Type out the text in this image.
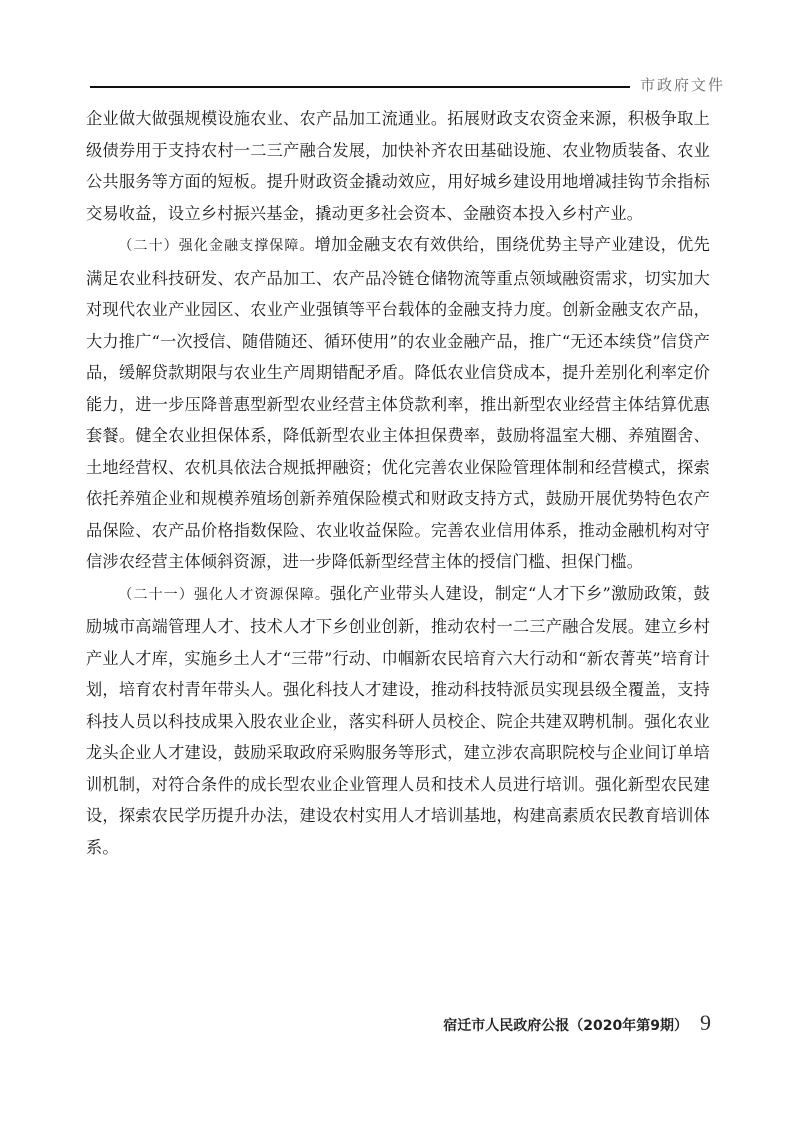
市政府文件

企业做大做强规模设施农业、农产品加工流通业。拓展财政支农资金来源，积极争取上级债券用于支持农村一二三产融合发展，加快补齐农田基础设施、农业物质装备、农业公共服务等方面的短板。提升财政资金撬动效应，用好城乡建设用地增减挂钩节余指标交易收益，设立乡村振兴基金，撬动更多社会资本、金融资本投入乡村产业。

（二十）强化金融支撑保障。增加金融支农有效供给，围绕优势主导产业建设，优先满足农业科技研发、农产品加工、农产品冷链仓储物流等重点领域融资需求，切实加大对现代农业产业园区、农业产业强镇等平台载体的金融支持力度。创新金融支农产品，大力推广“一次授信、随借随还、循环使用”的农业金融产品，推广“无还本续贷”信贷产品，缓解贷款期限与农业生产周期错配矛盾。降低农业信贷成本，提升差别化利率定价能力，进一步压降普惠型新型农业经营主体贷款利率，推出新型农业经营主体结算优惠套餐。健全农业担保体系，降低新型农业主体担保费率，鼓励将温室大棚、养殖圈舍、土地经营权、农机具依法合规抵押融资；优化完善农业保险管理体制和经营模式，探索依托养殖企业和规模养殖场创新养殖保险模式和财政支持方式，鼓励开展优势特色农产品保险、农产品价格指数保险、农业收益保险。完善农业信用体系，推动金融机构对守信涉农经营主体倾斜资源，进一步降低新型经营主体的授信门槛、担保门槛。

（二十一）强化人才资源保障。强化产业带头人建设，制定“人才下乡”激励政策，鼓励城市高端管理人才、技术人才下乡创业创新，推动农村一二三产融合发展。建立乡村产业人才库，实施乡土人才“三带”行动、巾帼新农民培育六大行动和“新农菁英”培育计划，培育农村青年带头人。强化科技人才建设，推动科技特派员实现县级全覆盖，支持科技人员以科技成果入股农业企业，落实科研人员校企、院企共建双聘机制。强化农业龙头企业人才建设，鼓励采取政府采购服务等形式，建立涉农高职院校与企业间订单培训机制，对符合条件的成长型农业企业管理人员和技术人员进行培训。强化新型农民建设，探索农民学历提升办法，建设农村实用人才培训基地，构建高素质农民教育培训体系。

宿迁市人民政府公报（2020年第9期） 9
